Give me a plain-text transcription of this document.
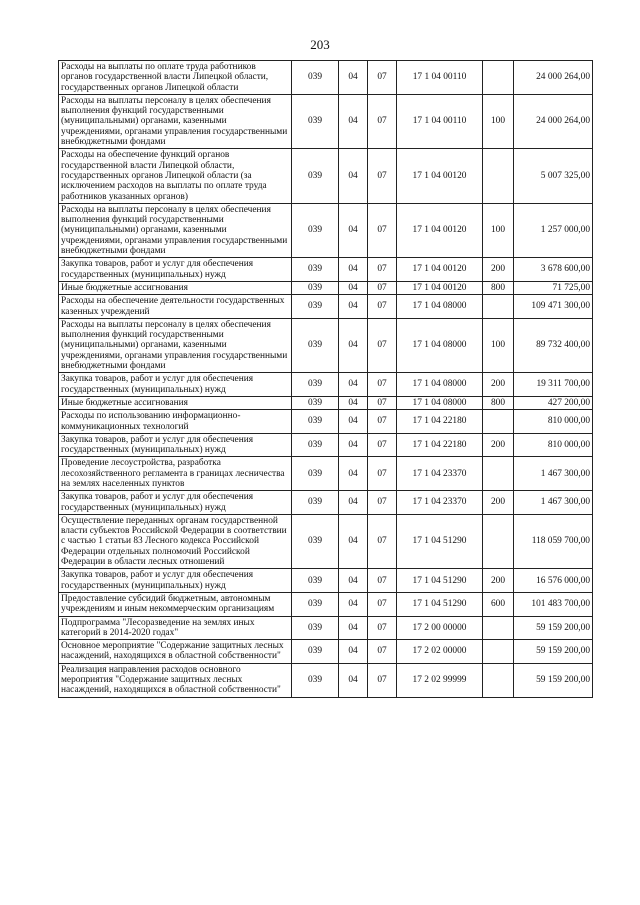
203
Расходы на выплаты по оплате труда работников органов государственной власти Липецкой области, государственных органов Липецкой области	039	04	07	17 1 04 00110		24 000 264,00
Расходы на выплаты персоналу в целях обеспечения выполнения функций государственными (муниципальными) органами, казенными учреждениями, органами управления государственными внебюджетными фондами	039	04	07	17 1 04 00110	100	24 000 264,00
Расходы на обеспечение функций органов государственной власти Липецкой области, государственных органов Липецкой области (за исключением расходов на выплаты по оплате труда работников указанных органов)	039	04	07	17 1 04 00120		5 007 325,00
Расходы на выплаты персоналу в целях обеспечения выполнения функций государственными (муниципальными) органами, казенными учреждениями, органами управления государственными внебюджетными фондами	039	04	07	17 1 04 00120	100	1 257 000,00
Закупка товаров, работ и услуг для обеспечения государственных (муниципальных) нужд	039	04	07	17 1 04 00120	200	3 678 600,00
Иные бюджетные ассигнования	039	04	07	17 1 04 00120	800	71 725,00
Расходы на обеспечение деятельности государственных казенных учреждений	039	04	07	17 1 04 08000		109 471 300,00
Расходы на выплаты персоналу в целях обеспечения выполнения функций государственными (муниципальными) органами, казенными учреждениями, органами управления государственными внебюджетными фондами	039	04	07	17 1 04 08000	100	89 732 400,00
Закупка товаров, работ и услуг для обеспечения государственных (муниципальных) нужд	039	04	07	17 1 04 08000	200	19 311 700,00
Иные бюджетные ассигнования	039	04	07	17 1 04 08000	800	427 200,00
Расходы по использованию информационно-коммуникационных технологий	039	04	07	17 1 04 22180		810 000,00
Закупка товаров, работ и услуг для обеспечения государственных (муниципальных) нужд	039	04	07	17 1 04 22180	200	810 000,00
Проведение лесоустройства, разработка лесохозяйственного регламента в границах лесничества на землях населенных пунктов	039	04	07	17 1 04 23370		1 467 300,00
Закупка товаров, работ и услуг для обеспечения государственных (муниципальных) нужд	039	04	07	17 1 04 23370	200	1 467 300,00
Осуществление переданных органам государственной власти субъектов Российской Федерации в соответствии с частью 1 статьи 83 Лесного кодекса Российской Федерации отдельных полномочий Российской Федерации в области лесных отношений	039	04	07	17 1 04 51290		118 059 700,00
Закупка товаров, работ и услуг для обеспечения государственных (муниципальных) нужд	039	04	07	17 1 04 51290	200	16 576 000,00
Предоставление субсидий бюджетным, автономным учреждениям и иным некоммерческим организациям	039	04	07	17 1 04 51290	600	101 483 700,00
Подпрограмма "Лесоразведение на землях иных категорий в 2014-2020 годах"	039	04	07	17 2 00 00000		59 159 200,00
Основное мероприятие "Содержание защитных лесных насаждений, находящихся в областной собственности"	039	04	07	17 2 02 00000		59 159 200,00
Реализация направления расходов основного мероприятия "Содержание защитных лесных насаждений, находящихся в областной собственности"	039	04	07	17 2 02 99999		59 159 200,00
